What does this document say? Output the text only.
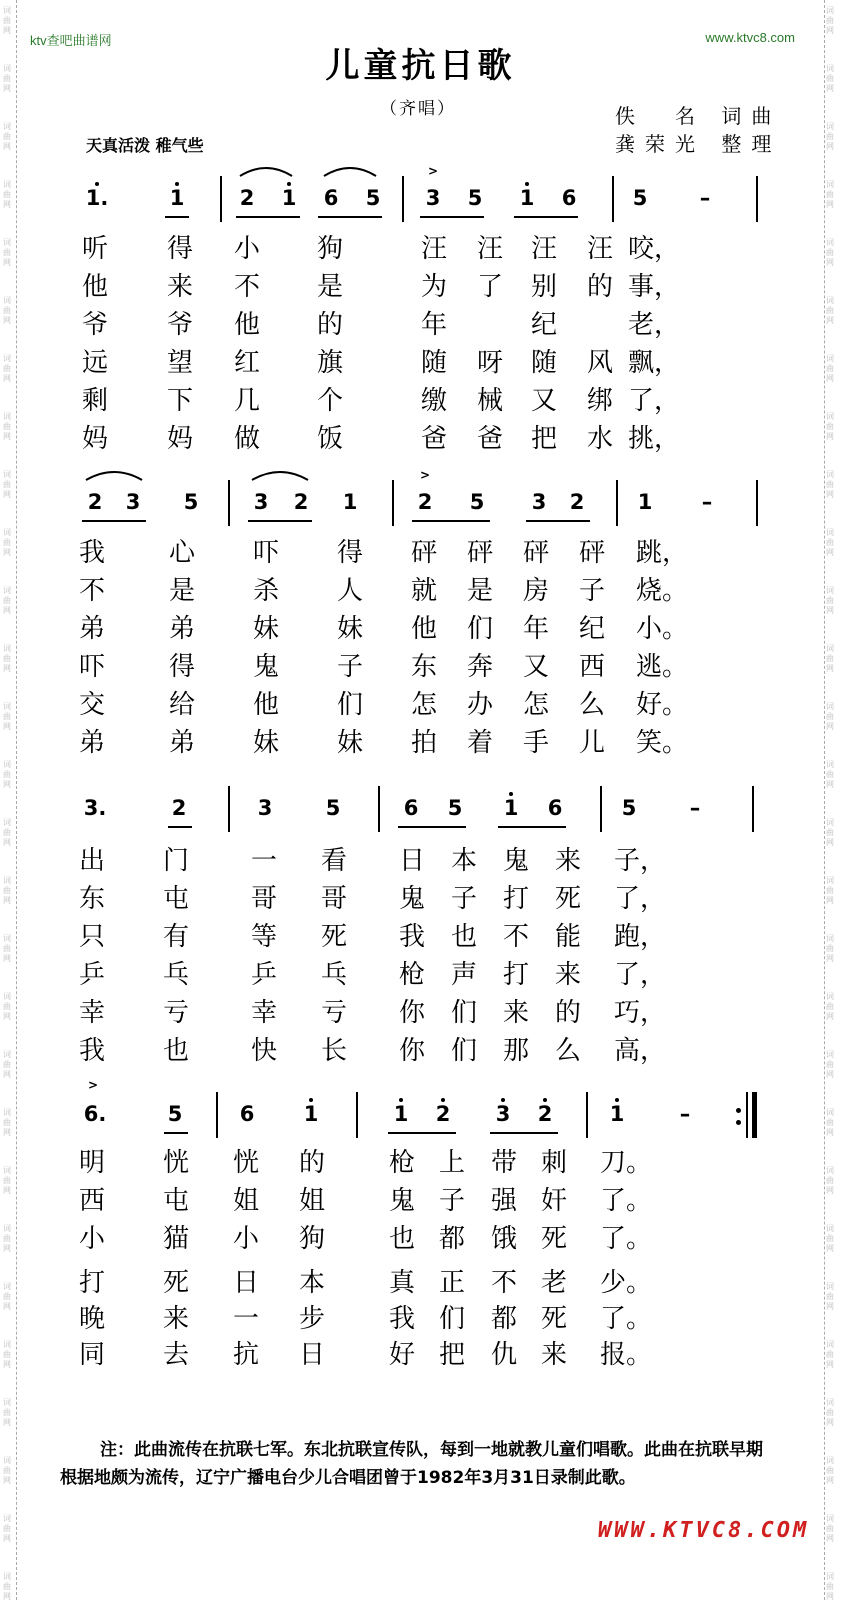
词
曲
网
词
曲
网
词
曲
网
词
曲
网
词
曲
网
词
曲
网
词
曲
网
词
曲
网
词
曲
网
词
曲
网
词
曲
网
词
曲
网
词
曲
网
词
曲
网
词
曲
网
词
曲
网
词
曲
网
词
曲
网
词
曲
网
词
曲
网
词
曲
网
词
曲
网
词
曲
网
词
曲
网
词
曲
网
词
曲
网
词
曲
网
词
曲
网
词
曲
网
词
曲
网
词
曲
网
词
曲
网
词
曲
网
词
曲
网
词
曲
网
词
曲
网
词
曲
网
词
曲
网
词
曲
网
词
曲
网
词
曲
网
词
曲
网
词
曲
网
词
曲
网
词
曲
网
词
曲
网
词
曲
网
词
曲
网
词
曲
网
词
曲
网
词
曲
网
词
曲
网
词
曲
网
词
曲
网
词
曲
网
词
曲
网
ktv查吧曲谱网	www.ktvc8.com
儿童抗日歌
（齐唱）	佚　名 词曲
龚荣光 整理
天真活泼 稚气些
1.	1	2	1	6	5	3	5	1	6	5	–
>
听 得 小 狗	汪 汪 汪 汪 咬，
他 来 不 是	为 了 别 的 事，
爷 爷 他 的	年	纪	老，
远 望 红 旗	随 呀 随 风 飘，
剩 下 几 个	缴 械 又 绑 了，
妈 妈 做 饭	爸 爸 把 水 挑，
2	3	5	3	2	1	2	5	3	2	1	–
>
我 心 吓 得 砰 砰 砰 砰 跳，
不 是 杀 人 就 是 房 子 烧。
弟 弟 妹 妹 他 们 年 纪 小。
吓 得 鬼 子 东 奔 又 西 逃。
交 给 他 们 怎 办 怎 么 好。
弟 弟 妹 妹 拍 着 手 儿 笑。
3.	2	3	5	6	5	1	6	5	–
出 门 一 看 日 本 鬼 来 子，
东 屯 哥 哥 鬼 子 打 死 了，
只 有 等 死 我 也 不 能 跑，
乒 乓 乒 乓 枪 声 打 来 了，
幸 亏 幸 亏 你 们 来 的 巧，
我 也 快 长 你 们 那 么 高，
6.	5	6	1	1	2	3	2	1	–
>
明 恍 恍 的 枪 上 带 刺 刀。
西 屯 姐 姐 鬼 子 强 奸 了。
小 猫 小 狗 也 都 饿 死 了。
打 死 日 本 真 正 不 老 少。
晚 来 一 步 我 们 都 死 了。
同 去 抗 日 好 把 仇 来 报。
注：此曲流传在抗联七军。东北抗联宣传队，每到一地就教儿童们唱歌。此曲在抗联早期根据地颇为流传，辽宁广播电台少儿合唱团曾于1982年3月31日录制此歌。
WWW.KTVC8.COM
